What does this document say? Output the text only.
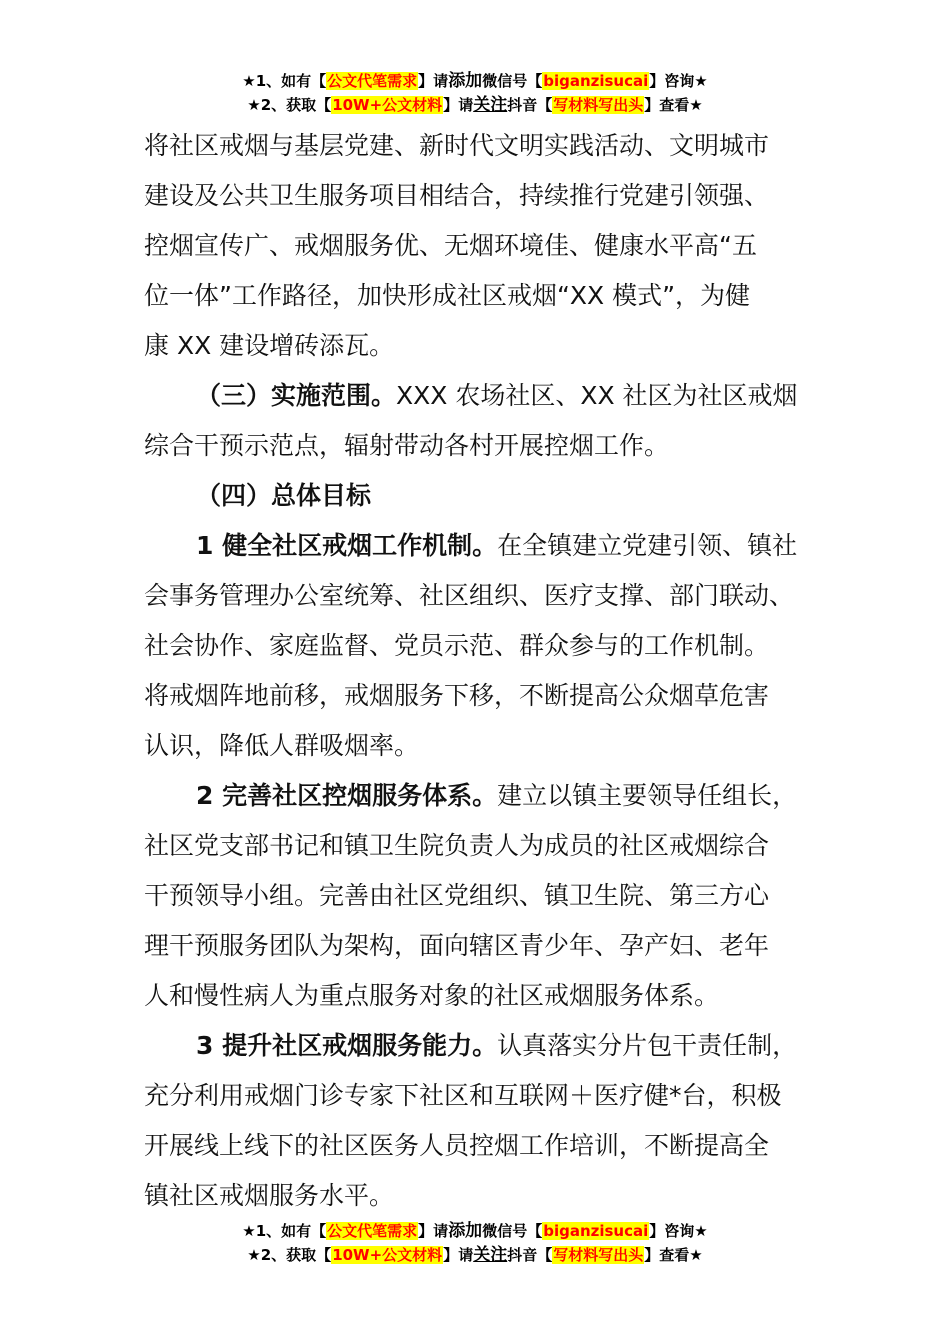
★1、如有【公文代笔需求】请添加微信号【biganzisucai】咨询★
★2、获取【10W+公文材料】请关注抖音【写材料写出头】查看★
将社区戒烟与基层党建、新时代文明实践活动、文明城市
建设及公共卫生服务项目相结合，持续推行党建引领强、
控烟宣传广、戒烟服务优、无烟环境佳、健康水平高“五
位一体”工作路径，加快形成社区戒烟“XX 模式”，为健
康 XX 建设增砖添瓦。
（三）实施范围。XXX 农场社区、XX 社区为社区戒烟
综合干预示范点，辐射带动各村开展控烟工作。
（四）总体目标
1 健全社区戒烟工作机制。在全镇建立党建引领、镇社
会事务管理办公室统筹、社区组织、医疗支撑、部门联动、
社会协作、家庭监督、党员示范、群众参与的工作机制。
将戒烟阵地前移，戒烟服务下移，不断提高公众烟草危害
认识，降低人群吸烟率。
2 完善社区控烟服务体系。建立以镇主要领导任组长，
社区党支部书记和镇卫生院负责人为成员的社区戒烟综合
干预领导小组。完善由社区党组织、镇卫生院、第三方心
理干预服务团队为架构，面向辖区青少年、孕产妇、老年
人和慢性病人为重点服务对象的社区戒烟服务体系。
3 提升社区戒烟服务能力。认真落实分片包干责任制，
充分利用戒烟门诊专家下社区和互联网＋医疗健*台，积极
开展线上线下的社区医务人员控烟工作培训，不断提高全
镇社区戒烟服务水平。
★1、如有【公文代笔需求】请添加微信号【biganzisucai】咨询★
★2、获取【10W+公文材料】请关注抖音【写材料写出头】查看★
